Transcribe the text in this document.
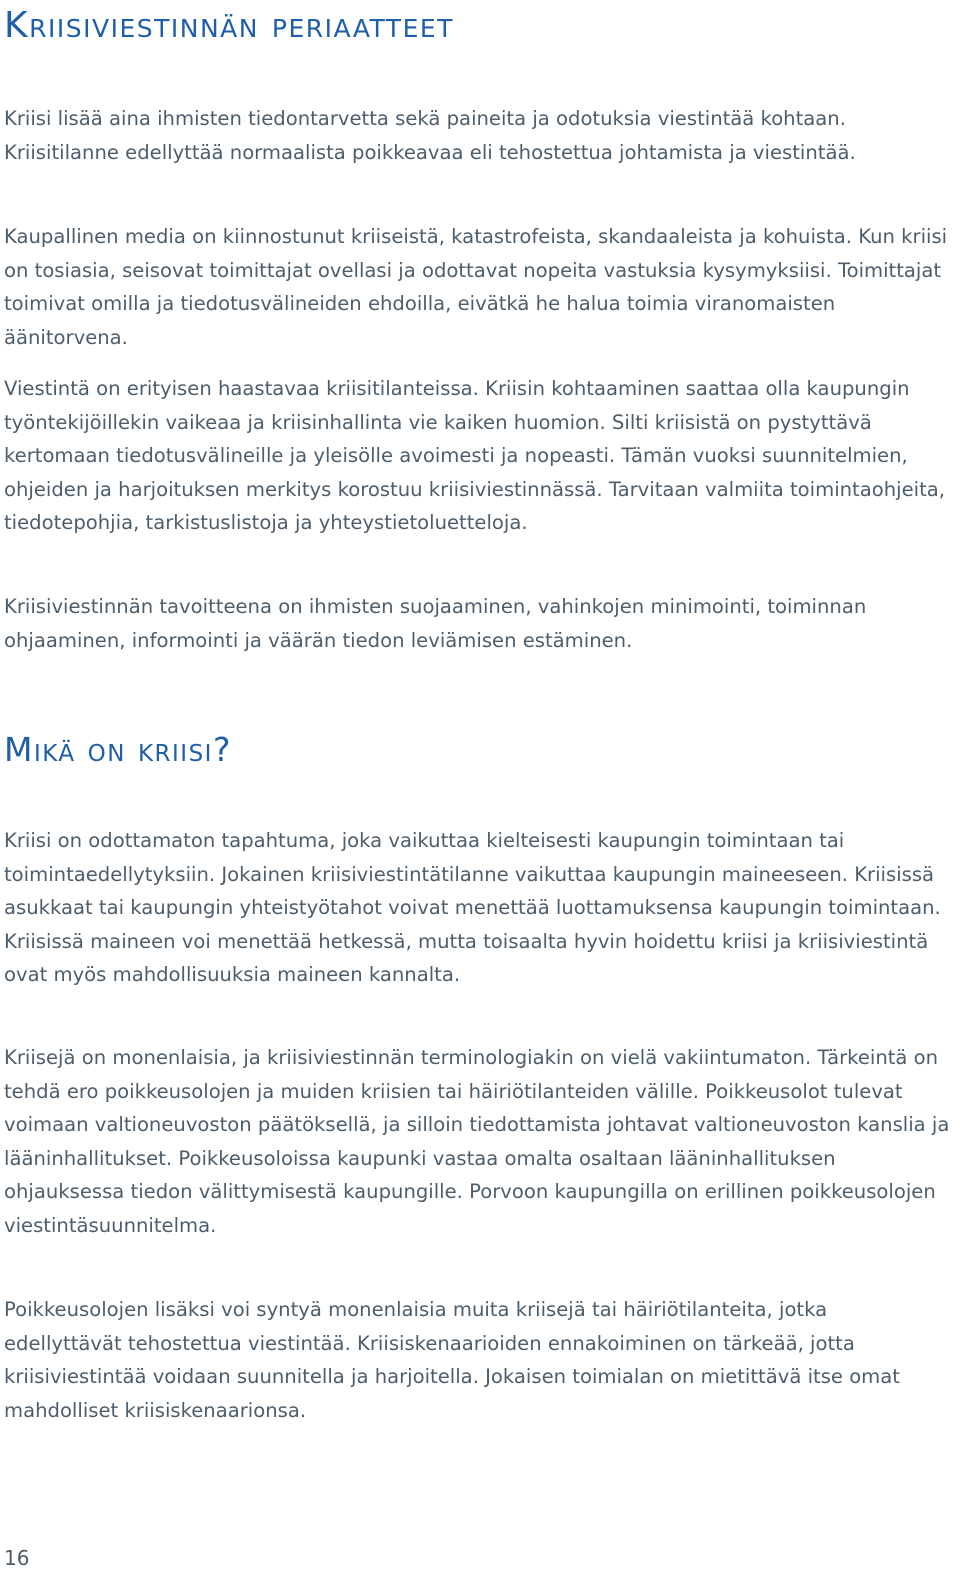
Kriisiviestinnän periaatteet

Kriisi lisää aina ihmisten tiedontarvetta sekä paineita ja odotuksia viestintää kohtaan. Kriisitilanne edellyttää normaalista poikkeavaa eli tehostettua johtamista ja viestintää.

Kaupallinen media on kiinnostunut kriiseistä, katastrofeista, skandaaleista ja kohuista. Kun kriisi on tosiasia, seisovat toimittajat ovellasi ja odottavat nopeita vastuksia kysymyksiisi. Toimittajat toimivat omilla ja tiedotusvälineiden ehdoilla, eivätkä he halua toimia viranomaisten äänitorvena.

Viestintä on erityisen haastavaa kriisitilanteissa. Kriisin kohtaaminen saattaa olla kaupungin työntekijöillekin vaikeaa ja kriisinhallinta vie kaiken huomion. Silti kriisistä on pystyttävä kertomaan tiedotusvälineille ja yleisölle avoimesti ja nopeasti. Tämän vuoksi suunnitelmien, ohjeiden ja harjoituksen merkitys korostuu kriisiviestinnässä. Tarvitaan valmiita toimintaohjeita, tiedotepohjia, tarkistuslistoja ja yhteystietoluetteloja.

Kriisiviestinnän tavoitteena on ihmisten suojaaminen, vahinkojen minimointi, toiminnan ohjaaminen, informointi ja väärän tiedon leviämisen estäminen.

Mikä on kriisi?

Kriisi on odottamaton tapahtuma, joka vaikuttaa kielteisesti kaupungin toimintaan tai toimintaedellytyksiin. Jokainen kriisiviestintätilanne vaikuttaa kaupungin maineeseen. Kriisissä asukkaat tai kaupungin yhteistyötahot voivat menettää luottamuksensa kaupungin toimintaan. Kriisissä maineen voi menettää hetkessä, mutta toisaalta hyvin hoidettu kriisi ja kriisiviestintä ovat myös mahdollisuuksia maineen kannalta.

Kriisejä on monenlaisia, ja kriisiviestinnän terminologiakin on vielä vakiintumaton. Tärkeintä on tehdä ero poikkeusolojen ja muiden kriisien tai häiriötilanteiden välille. Poikkeusolot tulevat voimaan valtioneuvoston päätöksellä, ja silloin tiedottamista johtavat valtioneuvoston kanslia ja lääninhallitukset. Poikkeusoloissa kaupunki vastaa omalta osaltaan lääninhallituksen ohjauksessa tiedon välittymisestä kaupungille. Porvoon kaupungilla on erillinen poikkeusolojen viestintäsuunnitelma.

Poikkeusolojen lisäksi voi syntyä monenlaisia muita kriisejä tai häiriötilanteita, jotka edellyttävät tehostettua viestintää. Kriisiskenaarioiden ennakoiminen on tärkeää, jotta kriisiviestintää voidaan suunnitella ja harjoitella. Jokaisen toimialan on mietittävä itse omat mahdolliset kriisiskenaarionsa.

16
